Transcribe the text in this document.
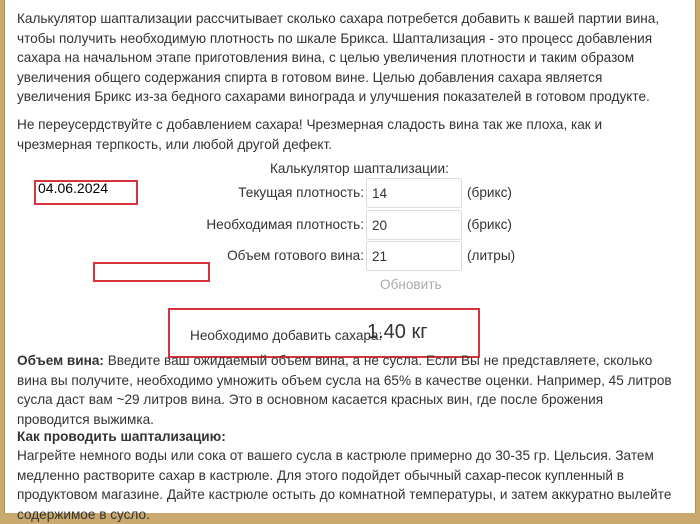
Калькулятор шаптализации рассчитывает сколько сахара потребется добавить к вашей партии вина, чтобы получить необходимую плотность по шкале Брикса. Шаптализация - это процесс добавления сахара на начальном этапе приготовления вина, с целью увеличения плотности и таким образом увеличения общего содержания спирта в готовом вине. Целью добавления сахара является увеличения Брикс из-за бедного сахарами винограда и улучшения показателей в готовом продукте.

Не переусердствуйте с добавлением сахара! Чрезмерная сладость вина так же плоха, как и чрезмерная терпкость, или любой другой дефект.

Калькулятор шаптализации:
04.06.2024	Текущая плотность:
14	(брикс)
Необходимая плотность:
20	(брикс)
Объем готового вина:
21	(литры)
Обновить
Необходимо добавить сахара:
1.40 кг

Объем вина: Введите ваш ожидаемый объем вина, а не сусла. Если Вы не представляете, сколько вина вы получите, необходимо умножить объем сусла на 65% в качестве оценки. Например, 45 литров сусла даст вам ~29 литров вина. Это в основном касается красных вин, где после брожения проводится выжимка.

Как проводить шаптализацию:

Нагрейте немного воды или сока от вашего сусла в кастрюле примерно до 30-35 гр. Цельсия. Затем медленно растворите сахар в кастрюле. Для этого подойдет обычный сахар-песок купленный в продуктовом магазине. Дайте кастрюле остыть до комнатной температуры, и затем аккуратно вылейте содержимое в сусло.
